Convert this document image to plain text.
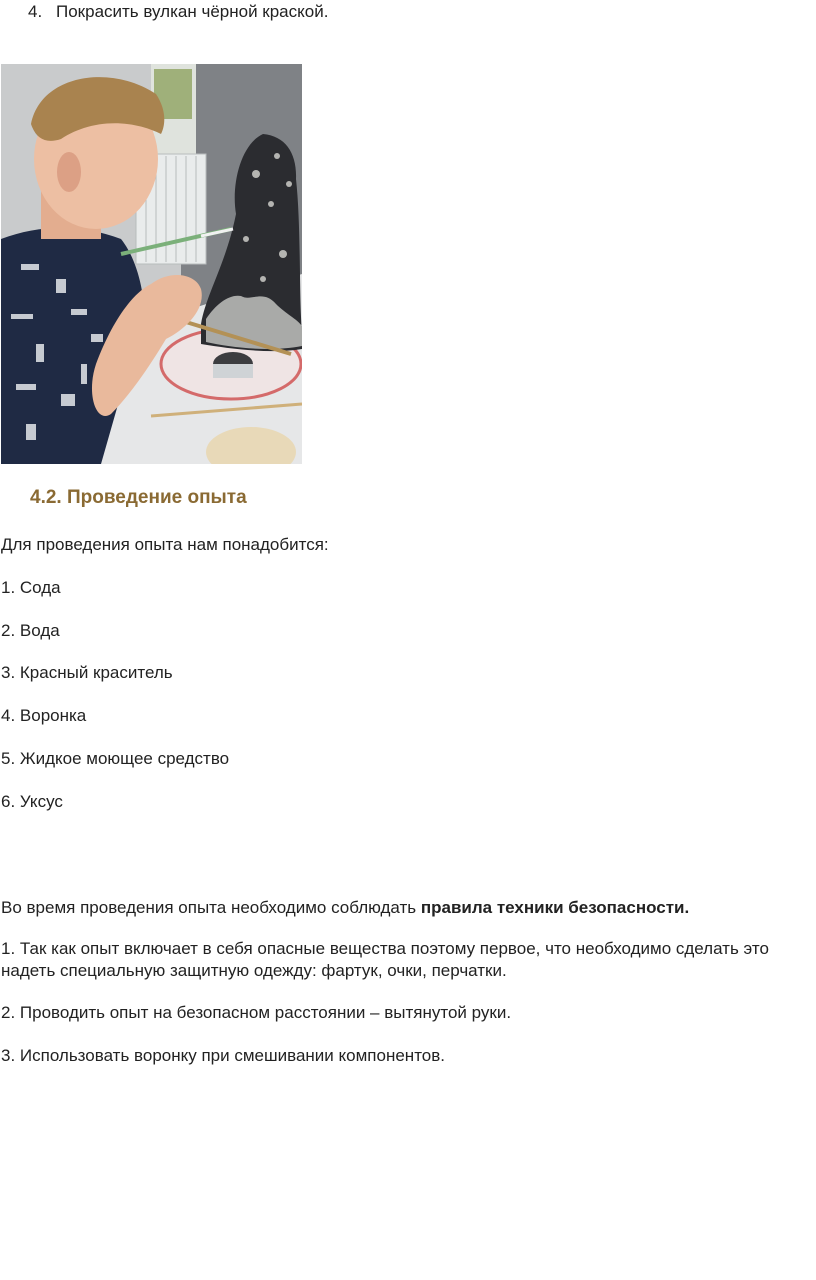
4. Покрасить вулкан чёрной краской.
4.2. Проведение опыта
Для проведения опыта нам понадобится:
1. Сода
2. Вода
3. Красный краситель
4. Воронка
5. Жидкое моющее средство
6. Уксус
Во время проведения опыта необходимо соблюдать правила техники безопасности.
1. Так как опыт включает в себя опасные вещества поэтому первое, что необходимо сделать это надеть специальную защитную одежду: фартук, очки, перчатки.
2. Проводить опыт на безопасном расстоянии – вытянутой руки.
3. Использовать воронку при смешивании компонентов.
